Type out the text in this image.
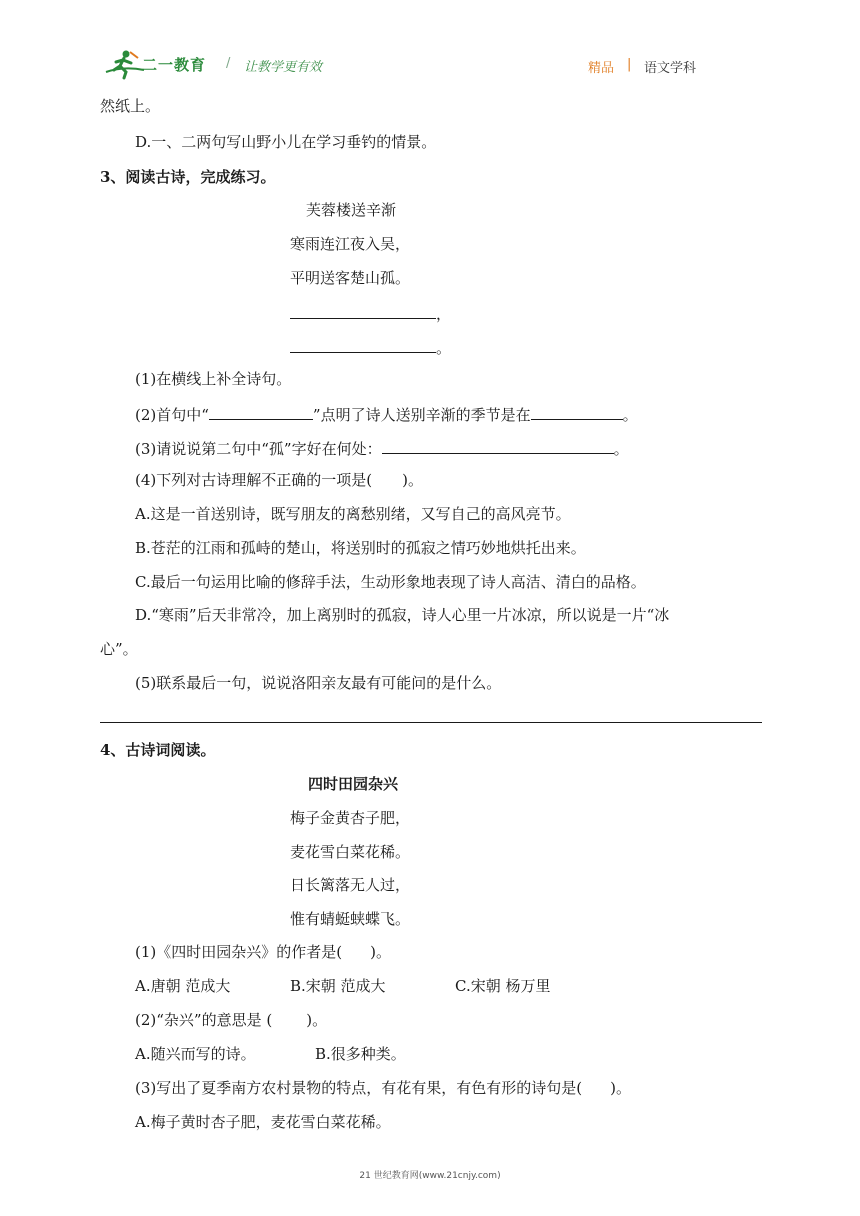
二一教育 / 让教学更有效	精品 | 语文学科
然纸上。
D.一、二两句写山野小儿在学习垂钓的情景。
3、阅读古诗，完成练习。
芙蓉楼送辛渐
寒雨连江夜入吴，
平明送客楚山孤。
，
。
(1)在横线上补全诗句。
(2)首句中“	”点明了诗人送别辛渐的季节是在	。
(3)请说说第二句中“孤”字好在何处：	。
(4)下列对古诗理解不正确的一项是( )。
A.这是一首送别诗，既写朋友的离愁别绪，又写自己的高风亮节。
B.苍茫的江雨和孤峙的楚山，将送别时的孤寂之情巧妙地烘托出来。
C.最后一句运用比喻的修辞手法，生动形象地表现了诗人高洁、清白的品格。
D.“寒雨”后天非常冷，加上离别时的孤寂，诗人心里一片冰凉，所以说是一片“冰
心”。
(5)联系最后一句，说说洛阳亲友最有可能问的是什么。
4、古诗词阅读。
四时田园杂兴
梅子金黄杏子肥，
麦花雪白菜花稀。
日长篱落无人过，
惟有蜻蜓蛱蝶飞。
(1)《四时田园杂兴》的作者是( )。
A.唐朝 范成大	B.宋朝 范成大	C.宋朝 杨万里
(2)“杂兴”的意思是 ( )。
A.随兴而写的诗。	B.很多种类。
(3)写出了夏季南方农村景物的特点，有花有果，有色有形的诗句是( )。
A.梅子黄时杏子肥，麦花雪白菜花稀。
21 世纪教育网(www.21cnjy.com)
